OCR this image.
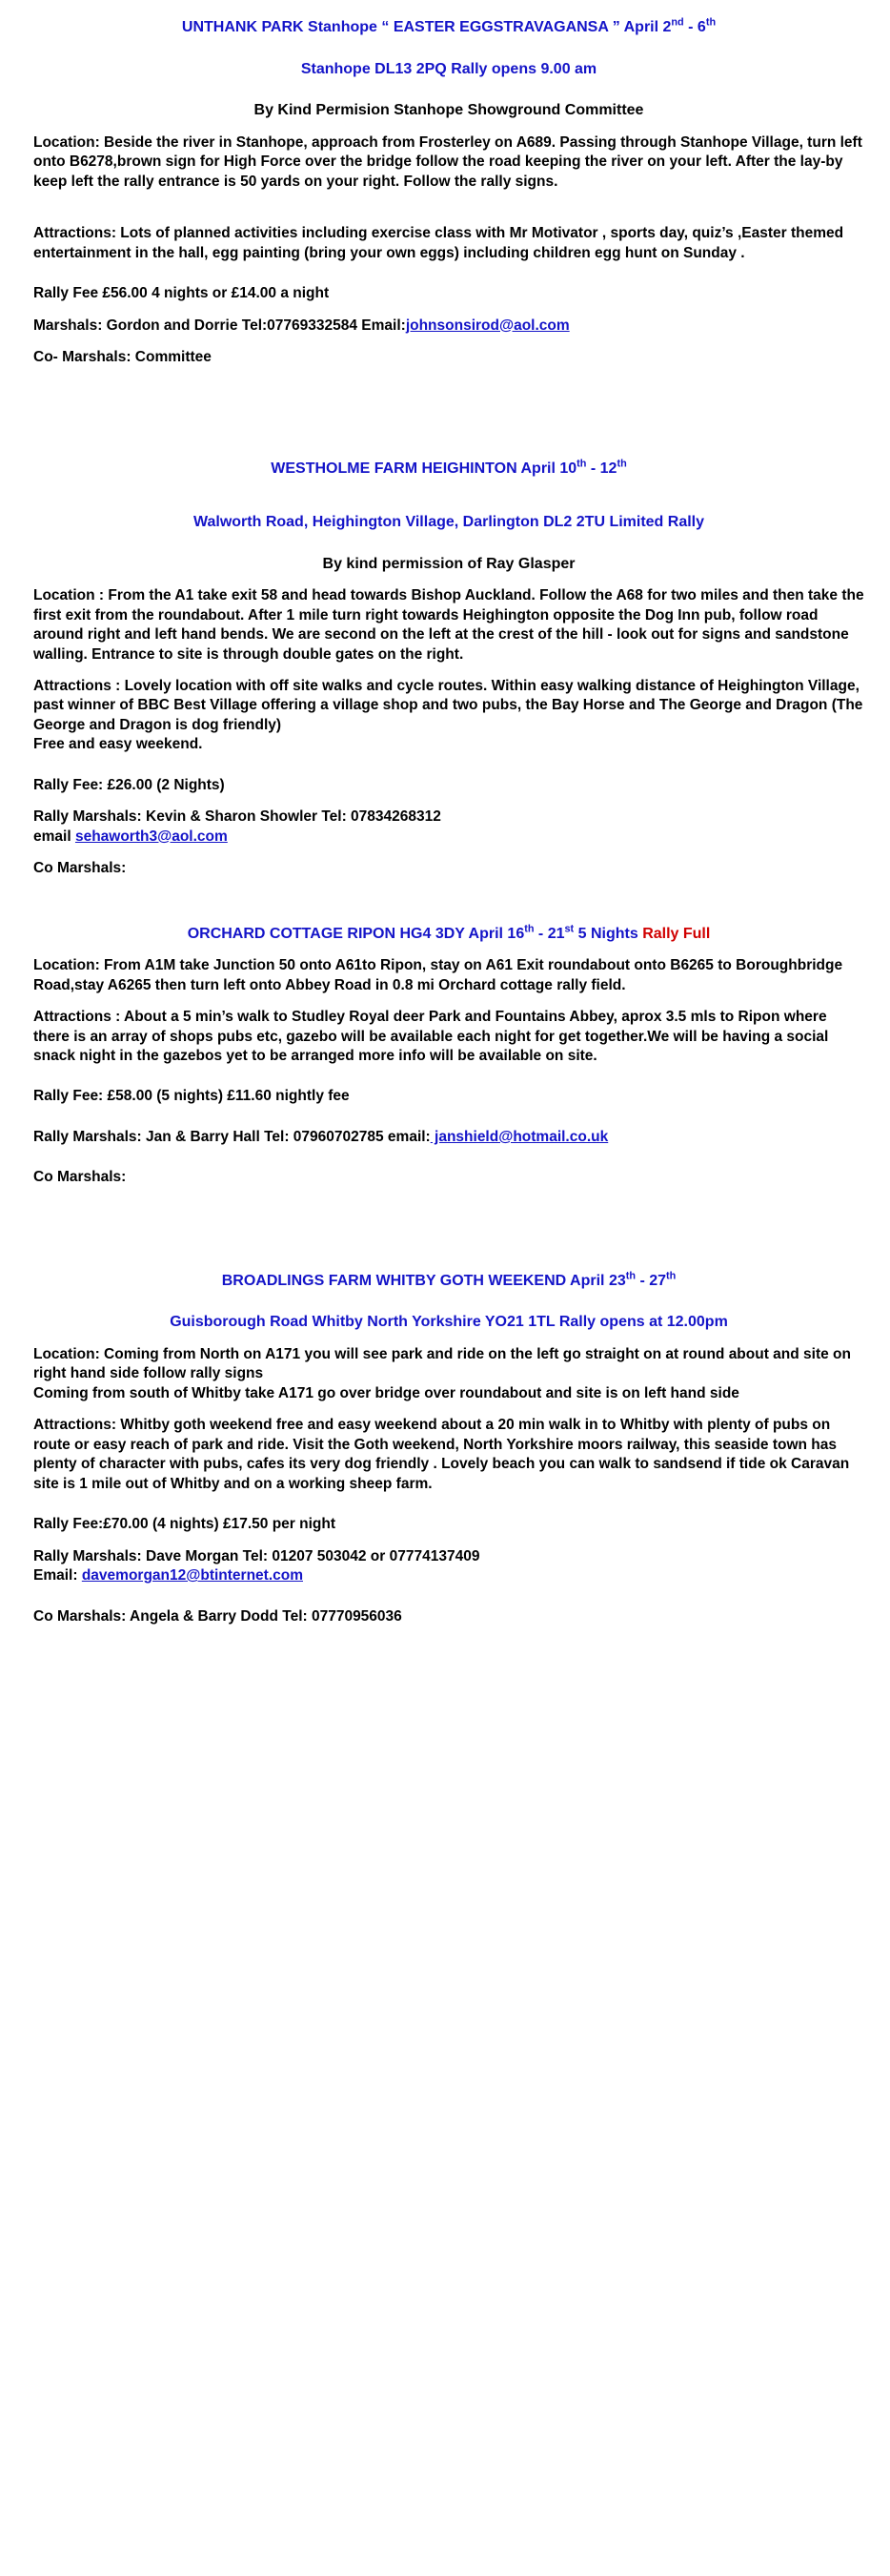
UNTHANK PARK Stanhope “ EASTER EGGSTRAVAGANSA ” April 2nd - 6th
Stanhope DL13 2PQ Rally opens 9.00 am
By Kind Permision Stanhope Showground Committee
Location: Beside the river in Stanhope, approach from Frosterley on A689. Passing through Stanhope Village, turn left onto B6278,brown sign for High Force over the bridge follow the road keeping the river on your left. After the lay-by keep left the rally entrance is 50 yards on your right. Follow the rally signs.
Attractions: Lots of planned activities including exercise class with Mr Motivator , sports day, quiz’s ,Easter themed entertainment in the hall, egg painting (bring your own eggs) including children egg hunt on Sunday .
Rally Fee £56.00 4 nights or £14.00 a night
Marshals: Gordon and Dorrie Tel:07769332584 Email:johnsonsirod@aol.com
Co- Marshals: Committee
WESTHOLME FARM HEIGHINTON April 10th - 12th
Walworth Road, Heighington Village, Darlington DL2 2TU Limited Rally
By kind permission of Ray Glasper
Location : From the A1 take exit 58 and head towards Bishop Auckland. Follow the A68 for two miles and then take the first exit from the roundabout. After 1 mile turn right towards Heighington opposite the Dog Inn pub, follow road around right and left hand bends. We are second on the left at the crest of the hill - look out for signs and sandstone walling. Entrance to site is through double gates on the right.
Attractions : Lovely location with off site walks and cycle routes. Within easy walking distance of Heighington Village, past winner of BBC Best Village offering a village shop and two pubs, the Bay Horse and The George and Dragon (The George and Dragon is dog friendly)
Free and easy weekend.
Rally Fee: £26.00 (2 Nights)
Rally Marshals: Kevin & Sharon Showler Tel: 07834268312
email sehaworth3@aol.com
Co Marshals:
ORCHARD COTTAGE RIPON HG4 3DY April 16th - 21st 5 Nights Rally Full
Location: From A1M take Junction 50 onto A61to Ripon, stay on A61 Exit roundabout onto B6265 to Boroughbridge Road,stay A6265 then turn left onto Abbey Road in 0.8 mi Orchard cottage rally field.
Attractions : About a 5 min’s walk to Studley Royal deer Park and Fountains Abbey, aprox 3.5 mls to Ripon where there is an array of shops pubs etc, gazebo will be available each night for get together.We will be having a social snack night in the gazebos yet to be arranged more info will be available on site.
Rally Fee: £58.00 (5 nights) £11.60 nightly fee
Rally Marshals: Jan & Barry Hall Tel: 07960702785 email: janshield@hotmail.co.uk
Co Marshals:
BROADLINGS FARM WHITBY GOTH WEEKEND April 23th - 27th
Guisborough Road Whitby North Yorkshire YO21 1TL Rally opens at 12.00pm
Location: Coming from North on A171 you will see park and ride on the left go straight on at round about and site on right hand side follow rally signs
Coming from south of Whitby take A171 go over bridge over roundabout and site is on left hand side
Attractions: Whitby goth weekend free and easy weekend about a 20 min walk in to Whitby with plenty of pubs on route or easy reach of park and ride. Visit the Goth weekend, North Yorkshire moors railway, this seaside town has plenty of character with pubs, cafes its very dog friendly . Lovely beach you can walk to sandsend if tide ok Caravan site is 1 mile out of Whitby and on a working sheep farm.
Rally Fee:£70.00 (4 nights) £17.50 per night
Rally Marshals: Dave Morgan Tel: 01207 503042 or 07774137409
Email: davemorgan12@btinternet.com
Co Marshals: Angela & Barry Dodd Tel: 07770956036
